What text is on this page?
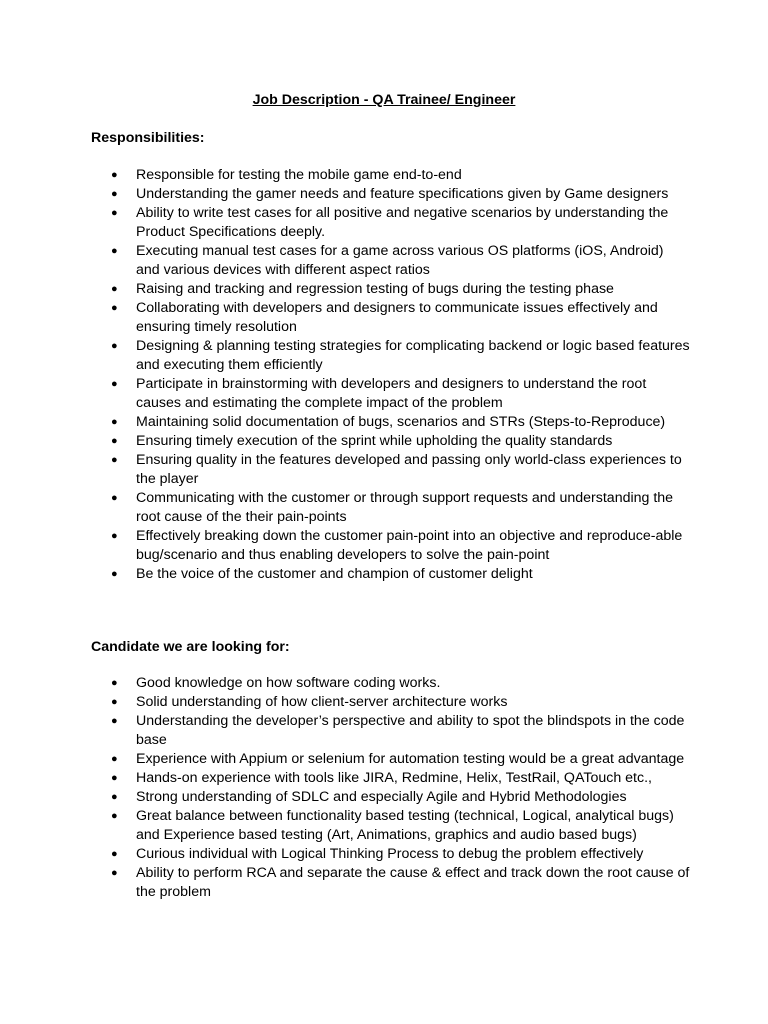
Job Description - QA Trainee/ Engineer
Responsibilities:
● Responsible for testing the mobile game end-to-end
● Understanding the gamer needs and feature specifications given by Game designers
● Ability to write test cases for all positive and negative scenarios by understanding the Product Specifications deeply.
● Executing manual test cases for a game across various OS platforms (iOS, Android) and various devices with different aspect ratios
● Raising and tracking and regression testing of bugs during the testing phase
● Collaborating with developers and designers to communicate issues effectively and ensuring timely resolution
● Designing & planning testing strategies for complicating backend or logic based features and executing them efficiently
● Participate in brainstorming with developers and designers to understand the root causes and estimating the complete impact of the problem
● Maintaining solid documentation of bugs, scenarios and STRs (Steps-to-Reproduce)
● Ensuring timely execution of the sprint while upholding the quality standards
● Ensuring quality in the features developed and passing only world-class experiences to the player
● Communicating with the customer or through support requests and understanding the root cause of the their pain-points
● Effectively breaking down the customer pain-point into an objective and reproduce-able bug/scenario and thus enabling developers to solve the pain-point
● Be the voice of the customer and champion of customer delight
Candidate we are looking for:
● Good knowledge on how software coding works.
● Solid understanding of how client-server architecture works
● Understanding the developer’s perspective and ability to spot the blindspots in the code base
● Experience with Appium or selenium for automation testing would be a great advantage
● Hands-on experience with tools like JIRA, Redmine, Helix, TestRail, QATouch etc.,
● Strong understanding of SDLC and especially Agile and Hybrid Methodologies
● Great balance between functionality based testing (technical, Logical, analytical bugs) and Experience based testing (Art, Animations, graphics and audio based bugs)
● Curious individual with Logical Thinking Process to debug the problem effectively
● Ability to perform RCA and separate the cause & effect and track down the root cause of the problem
